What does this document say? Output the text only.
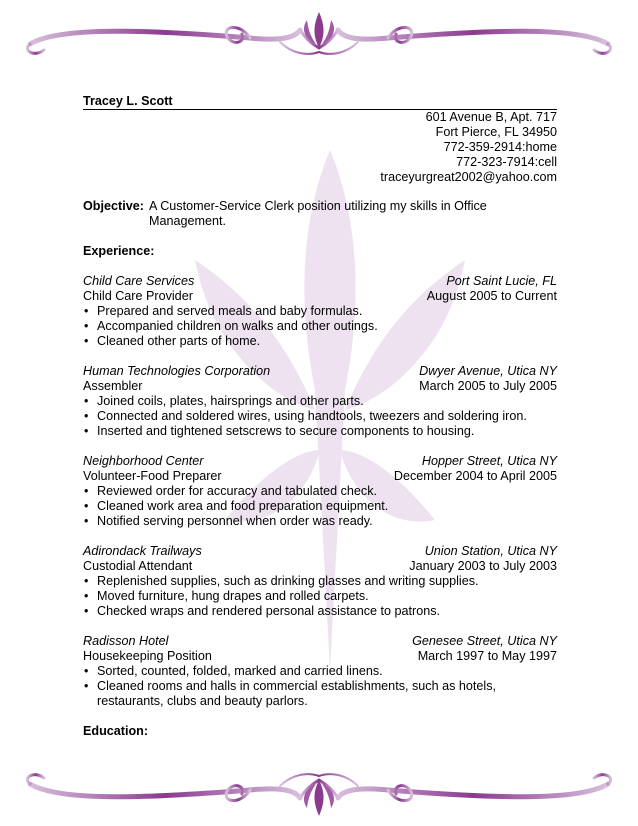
Tracey L. Scott
601 Avenue B, Apt. 717
Fort Pierce, FL 34950
772-359-2914:home
772-323-7914:cell
traceyurgreat2002@yahoo.com
Objective: A Customer-Service Clerk position utilizing my skills in Office Management.
Experience:
Child Care Services	Port Saint Lucie, FL
Child Care Provider	August 2005 to Current
• Prepared and served meals and baby formulas.
• Accompanied children on walks and other outings.
• Cleaned other parts of home.
Human Technologies Corporation	Dwyer Avenue, Utica NY
Assembler	March 2005 to July 2005
• Joined coils, plates, hairsprings and other parts.
• Connected and soldered wires, using handtools, tweezers and soldering iron.
• Inserted and tightened setscrews to secure components to housing.
Neighborhood Center	Hopper Street, Utica NY
Volunteer-Food Preparer	December 2004 to April 2005
• Reviewed order for accuracy and tabulated check.
• Cleaned work area and food preparation equipment.
• Notified serving personnel when order was ready.
Adirondack Trailways	Union Station, Utica NY
Custodial Attendant	January 2003 to July 2003
• Replenished supplies, such as drinking glasses and writing supplies.
• Moved furniture, hung drapes and rolled carpets.
• Checked wraps and rendered personal assistance to patrons.
Radisson Hotel	Genesee Street, Utica NY
Housekeeping Position	March 1997 to May 1997
• Sorted, counted, folded, marked and carried linens.
• Cleaned rooms and halls in commercial establishments, such as hotels, restaurants, clubs and beauty parlors.
Education:
